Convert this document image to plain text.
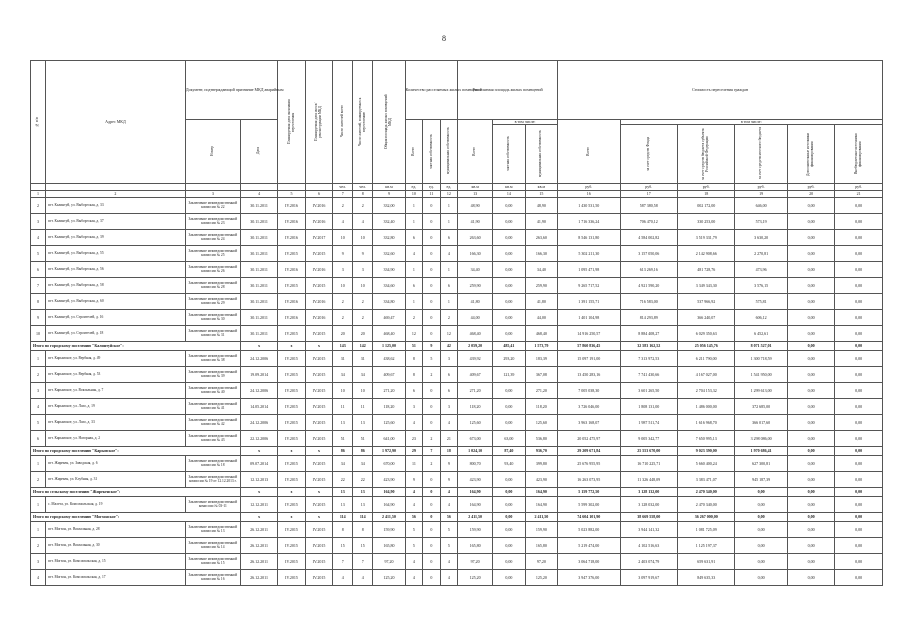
8
№ п/п	Адрес МКД	Документ, подтверждающий признание МКД аварийным		Планируемая дата окончания переселения	Планируемая дата сноса/реконструкции МКД	Число жителей всего	Число жителей, планируемых к переселению	Общая площадь жилых помещений МКД	Количество расселяемых жилых помещений			Расселяемая площадь жилых помещений			Стоимость переселения граждан					
		Номер	Дата						Всего	частная собственность	муниципальная собственность	Всего	в том числе:		Всего	в том числе:				
													частная собственность	муниципальная собственность		за счет средств Фонда	за счет средств бюджета субъекта Российской Федерации	за счет средств местного бюджета	Дополнительные источники финансирования	Внебюджетные источники финансирования
						чел.	чел.	кв.м	ед.	ед.	ед.	кв.м	кв.м	кв.м	руб.	руб.	руб.	руб.	руб.	руб.
1	2	3	4	5	6	7	8	9	10	11	12	13	14	15	16	17	18	19	20	21
2	пгт. Калинтуй, ул. Выборгская, д. 33	Заключение межведомственной комиссии № 22	30.11.2011	IV.2016	IV.2016	2	2	332,00	1	0	1	48,90	0,00	48,90	1 430 531,50	587 380,58	002 172,00	646,00	0,00	0,00
3	пгт. Калинтуй, ул. Выборгская, д. 37	Заключение межведомственной комиссии № 23	30.11.2011	IV.2016	IV.2016	4	4	332,40	1	0	1	41,90	0,00	41,90	1 716 336,24	706 470,12	330 253,00	573,19	0,00	0,00
4	пгт. Калинтуй, ул. Выборгская, д. 39	Заключение межведомственной комиссии № 24	30.11.2011	IV.2016	IV.2017	10	10	332,80	6	0	6	263,60	0,00	263,60	8 546 131,80	4 584 002,82	3 519 331,79	3 630,20	0,00	0,00
5	пгт. Калинтуй, ул. Выборгская, д. 55	Заключение межведомственной комиссии № 25	30.11.2011	IV.2015	IV.2015	9	9	332,60	4	0	4	166,30	0,00	166,30	5 302 211,30	3 157 050,06	2 142 908,66	2 270,81	0,00	0,00
6	пгт. Калинтуй, ул. Выборгская, д. 56	Заключение межведомственной комиссии № 26	30.11.2011	IV.2016	IV.2016	3	3	334,90	1	0	1	34,40	0,00	34,40	1 095 471,98	613 269,16	481 728,76	473,96	0,00	0,00
7	пгт. Калинтуй, ул. Выборгская, д. 58	Заключение межведомственной комиссии № 28	30.11.2011	IV.2015	IV.2015	10	10	334,60	6	0	6	259,90	0,00	259,90	9 265 717,52	4 921 590,20	3 349 343,30	3 576,15	0,00	0,00
8	пгт. Калинтуй, ул. Выборгская, д. 60	Заключение межведомственной комиссии № 29	30.11.2011	IV.2016	IV.2016	2	2	334,80	1	0	1	41,80	0,00	41,80	1 391 155,71	716 583,00	537 966,92	575,81	0,00	0,00
9	пгт. Калинтуй, ул. Строителей, д. 16	Заключение межведомственной комиссии № 30	30.11.2011	IV.2016	IV.2016	2	2	469,47	2	0	2	44,00	0,00	44,00	1 401 104,98	814 293,89	366 240,07	606,12	0,00	0,00
10	пгт. Калинтуй, ул. Строителей, д. 18	Заключение межведомственной комиссии № 31	30.11.2011	IV.2015	IV.2015	20	20	468,40	12	0	12	468,40	0,00	468,40	14 916 250,57	8 884 408,27	6 029 350,63	6 452,61	0,00	0,00
Итого по городскому поселению "Калинтуйское":			x	x	x	143	142	1 125,00	51	9	42	2 059,20	485,41	1 573,79	57 860 836,45	32 583 162,52	25 056 145,76	8 071 527,01	0,00	0,00
1	пгт. Карымское, ул. Вербная, д. 49	Заключение межведомственной комиссии № 38	24.12.2006	IV.2015	IV.2015	31	31	438,62	8	5	3	439,92	293,20	183,39	15 097 191,00	7 313 972,53	6 211 790,00	1 300 718,59	0,00	0,00
2	пгт. Карымское, ул. Вербная, д. 53	Заключение межведомственной комиссии № 39	19.09.2014	IV.2015	IV.2015	34	34	409,67	8	2	6	409,67	121,39	367,08	13 450 283,16	7 741 430,66	4 167 027,00	1 541 950,00	0,00	0,00
3	пгт. Карымское, ул. Вокзальная, д. 7	Заключение межведомственной комиссии № 40	24.12.2006	IV.2015	IV.2015	10	10	271,20	6	0	6	271,20	0,00	271,20	7 005 038,30	3 601 265,50	2 704 153,32	1 299 613,00	0,00	0,00
4	пгт. Карымское, ул. Лазо, д. 19	Заключение межведомственной комиссии № 41	14.05.2014	IV.2015	IV.2015	11	11	118,20	3	0	3	118,20	0,00	118,20	3 726 046,00	1 808 131,00	1 486 000,00	372 685,00	0,00	0,00
5	пгт. Карымское, ул. Лазо, д. 33	Заключение межведомственной комиссии № 42	24.12.2006	IV.2015	IV.2015	13	13	125,60	4	0	4	125,60	0,00	125,60	3 963 168,07	1 987 511,74	1 616 968,70	366 017,60	0,00	0,00
6	пгт. Карымское, ул. Нагорная, д. 2	Заключение межведомственной комиссии № 43	22.12.2006	IV.2015	IV.2015	51	51	641,00	23	2	21	673,00	63,00	536,80	20 052 475,97	9 005 342,77	7 650 995,13	3 298 086,00	0,00	0,00
Итого по городскому поселению "Карымское":			x	x	x	86	86	1 972,90	29	7	18	1 024,10	87,40	936,70	29 209 671,84	25 553 670,00	9 023 390,00	1 970 686,41	0,00	0,00
1	пгт. Жирекен, ул. Заводская, д. 6	Заключение межведомственной комиссии № 18	09.07.2014	IV.2015	IV.2015	34	34	670,00	11	2	9	800,70	93,40	399,80	25 676 955,95	16 710 225,71	5 660 400,24	627 300,81	0,00	0,00
2	пгт. Жирекен, ул. Клубная, д. 31	Заключение межведомственной комиссии № 19 от 12.12.2013 г.	12.12.2013	IV.2015	IV.2015	22	22	423,90	9	0	9	423,90	0,00	423,90	16 263 073,95	11 326 448,09	3 383 471,07	945 187,39	0,00	0,00
Итого по сельскому поселению "Жирекенское":			x	x	x	13	13	164,90	4	0	4	164,90	0,00	164,90	5 159 772,50	3 128 132,00	2 470 340,00	0,00	0,00	0,00
1	с. Малета, ул. Комсомольская, д. 19	Заключение межведомственной комиссии № 03-11	12.12.2011	IV.2015	IV.2015	13	13	164,90	4	0	4	164,90	0,00	164,90	5 599 302,00	3 128 032,00	2 470 340,00	0,00	0,00	0,00
Итого по городскому поселению "Могзонское":			x	x	x	114	114	2 411,50	56	0	56	2 411,50	0,00	2 411,50	74 604 101,90	38 669 558,00	36 267 000,00	0,00	0,00	0,00
1	пгт. Могзон, ул. Вокзальная, д. 28	Заключение межведомственной комиссии № 13	26.12.2011	IV.2015	IV.2015	8	8	159,90	5	0	5	159,90	0,00	159,90	5 023 882,00	3 944 141,32	1 081 725,09	0,00	0,00	0,00
2	пгт. Могзон, ул. Вокзальная, д. 30	Заключение межведомственной комиссии № 14	26.12.2011	IV.2015	IV.2015	15	15	165,80	5	0	5	165,80	0,00	165,80	5 219 474,00	4 102 516,63	1 125 197,37	0,00	0,00	0,00
3	пгт. Могзон, ул. Комсомольская, д. 15	Заключение межведомственной комиссии № 15	26.12.2011	IV.2015	IV.2015	7	7	97,20	4	0	4	97,20	0,00	97,20	3 064 718,00	2 403 074,79	659 631,91	0,00	0,00	0,00
4	пгт. Могзон, ул. Комсомольская, д. 17	Заключение межведомственной комиссии № 16	26.12.2011	IV.2015	IV.2015	4	4	125,20	4	0	4	125,20	0,00	125,20	3 947 376,00	3 097 919,67	849 635,33	0,00	0,00	0,00
